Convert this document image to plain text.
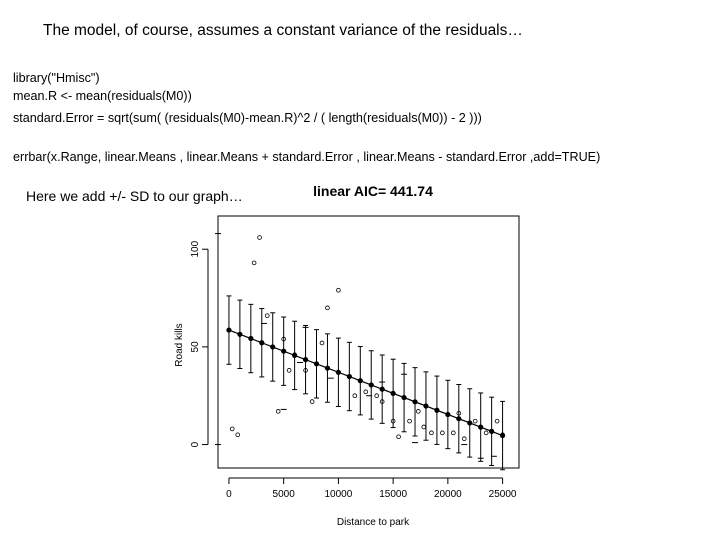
The model, of course, assumes a constant variance of the residuals…
library("Hmisc")
mean.R <- mean(residuals(M0))
standard.Error = sqrt(sum( (residuals(M0)-mean.R)^2 / ( length(residuals(M0)) - 2 )))
errbar(x.Range, linear.Means , linear.Means + standard.Error , linear.Means - standard.Error ,add=TRUE)
Here we add +/- SD to our graph…	linear AIC= 441.74
0	5000	10000	15000	20000	25000
0
50
100
Distance to park
Road kills
